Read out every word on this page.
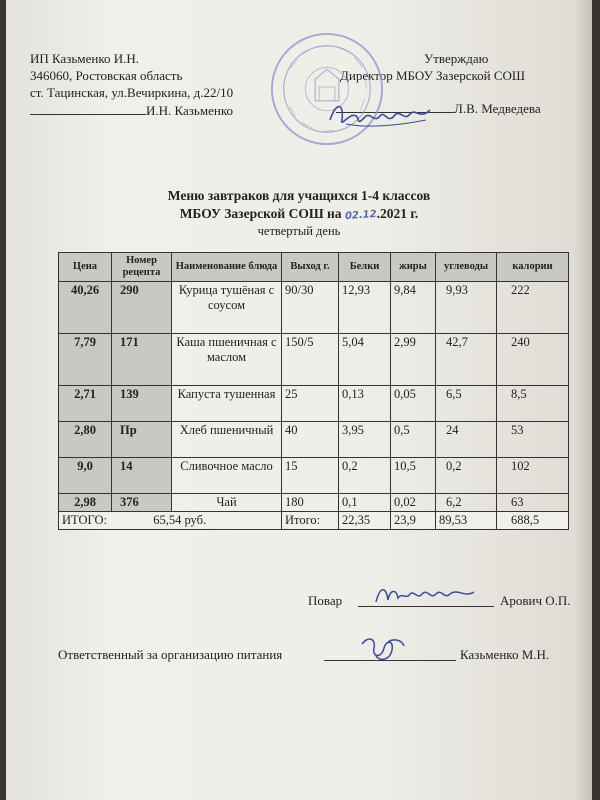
ИП Казьменко И.Н.
346060, Ростовская область
ст. Тацинская, ул.Вечиркина, д.22/10
И.Н. Казьменко
Утверждаю
Директор МБОУ Зазерской СОШ
Л.В. Медведева
Меню завтраков для учащихся 1-4 классов
МБОУ Зазерской СОШ на 02.12.2021 г.
четвертый день
Цена	Номер рецепта	Наименование блюда	Выход г.	Белки	жиры	углеводы	калории
40,26	290	Курица тушёная с соусом	90/30	12,93	9,84	9,93	222
7,79	171	Каша пшеничная с маслом	150/5	5,04	2,99	42,7	240
2,71	139	Капуста тушенная	25	0,13	0,05	6,5	8,5
2,80	Пр	Хлеб пшеничный	40	3,95	0,5	24	53
9,0	14	Сливочное масло	15	0,2	10,5	0,2	102
2,98	376	Чай	180	0,1	0,02	6,2	63
ИТОГО: 65,54 руб.			Итого:	22,35	23,9	89,53	688,5
Повар	Арович О.П.
Ответственный за организацию питания	Казьменко М.Н.
